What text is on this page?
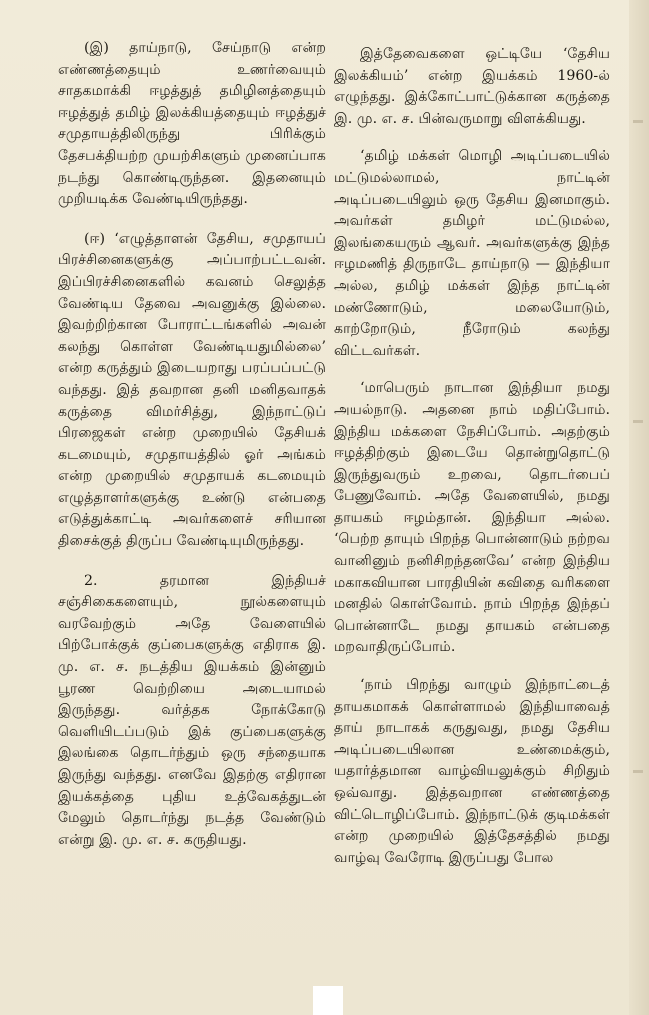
(இ) தாய்நாடு, சேய்நாடு என்ற எண்ணத்தையும் உணர்வையும் சாதகமாக்கி ஈழத்துத் தமிழினத்தையும் ஈழத்துத் தமிழ் இலக்கியத்தையும் ஈழத்துச் சமுதாயத்திலிருந்து பிரிக்கும் தேசபக்தியற்ற முயற்சிகளும் முனைப்பாக நடந்து கொண்டிருந்தன. இதனையும் முறியடிக்க வேண்டியிருந்தது.

(ஈ) ‘எழுத்தாளன் தேசிய, சமுதாயப் பிரச்சினைகளுக்கு அப்பாற்பட்டவன். இப்பிரச்சினைகளில் கவனம் செலுத்த வேண்டிய தேவை அவனுக்கு இல்லை. இவற்றிற்கான போராட்டங்களில் அவன் கலந்து கொள்ள வேண்டியதுமில்லை’ என்ற கருத்தும் இடையறாது பரப்பப்பட்டு வந்தது. இத் தவறான தனி மனிதவாதக் கருத்தை விமர்சித்து, இந்நாட்டுப் பிரஜைகள் என்ற முறையில் தேசியக் கடமையும், சமுதாயத்தில் ஓர் அங்கம் என்ற முறையில் சமுதாயக் கடமையும் எழுத்தாளர்களுக்கு உண்டு என்பதை எடுத்துக்காட்டி அவர்களைச் சரியான திசைக்குத் திருப்ப வேண்டியுமிருந்தது.

2. தரமான இந்தியச் சஞ்சிகைகளையும், நூல்களையும் வரவேற்கும் அதே வேளையில் பிற்போக்குக் குப்பைகளுக்கு எதிராக இ. மு. எ. ச. நடத்திய இயக்கம் இன்னும் பூரண வெற்றியை அடையாமல் இருந்தது. வர்த்தக நோக்கோடு வெளியிடப்படும் இக் குப்பைகளுக்கு இலங்கை தொடர்ந்தும் ஒரு சந்தையாக இருந்து வந்தது. எனவே இதற்கு எதிரான இயக்கத்தை புதிய உத்வேகத்துடன் மேலும் தொடர்ந்து நடத்த வேண்டும் என்று இ. மு. எ. ச. கருதியது.

இத்தேவைகளை ஒட்டியே ‘தேசிய இலக்கியம்’ என்ற இயக்கம் 1960-ல் எழுந்தது. இக்கோட்பாட்டுக்கான கருத்தை இ. மு. எ. ச. பின்வருமாறு விளக்கியது.

‘தமிழ் மக்கள் மொழி அடிப்படையில் மட்டுமல்லாமல், நாட்டின் அடிப்படையிலும் ஒரு தேசிய இனமாகும். அவர்கள் தமிழர் மட்டுமல்ல, இலங்கையரும் ஆவர். அவர்களுக்கு இந்த ஈழமணித் திருநாடே தாய்நாடு — இந்தியா அல்ல, தமிழ் மக்கள் இந்த நாட்டின் மண்ணோடும், மலையோடும், காற்றோடும், நீரோடும் கலந்து விட்டவர்கள்.

‘மாபெரும் நாடான இந்தியா நமது அயல்நாடு. அதனை நாம் மதிப்போம். இந்திய மக்களை நேசிப்போம். அதற்கும் ஈழத்திற்கும் இடையே தொன்றுதொட்டு இருந்துவரும் உறவை, தொடர்பைப் பேணுவோம். அதே வேளையில், நமது தாயகம் ஈழம்தான். இந்தியா அல்ல. ‘பெற்ற தாயும் பிறந்த பொன்னாடும் நற்றவ வானினும் நனிசிறந்தனவே’ என்ற இந்திய மகாகவியான பாரதியின் கவிதை வரிகளை மனதில் கொள்வோம். நாம் பிறந்த இந்தப் பொன்னாடே நமது தாயகம் என்பதை மறவாதிருப்போம்.

‘நாம் பிறந்து வாழும் இந்நாட்டைத் தாயகமாகக் கொள்ளாமல் இந்தியாவைத் தாய் நாடாகக் கருதுவது, நமது தேசிய அடிப்படையிலான உண்மைக்கும், யதார்த்தமான வாழ்வியலுக்கும் சிறிதும் ஒவ்வாது. இத்தவறான எண்ணத்தை விட்டொழிப்போம். இந்நாட்டுக் குடிமக்கள் என்ற முறையில் இத்தேசத்தில் நமது வாழ்வு வேரோடி இருப்பது போல
